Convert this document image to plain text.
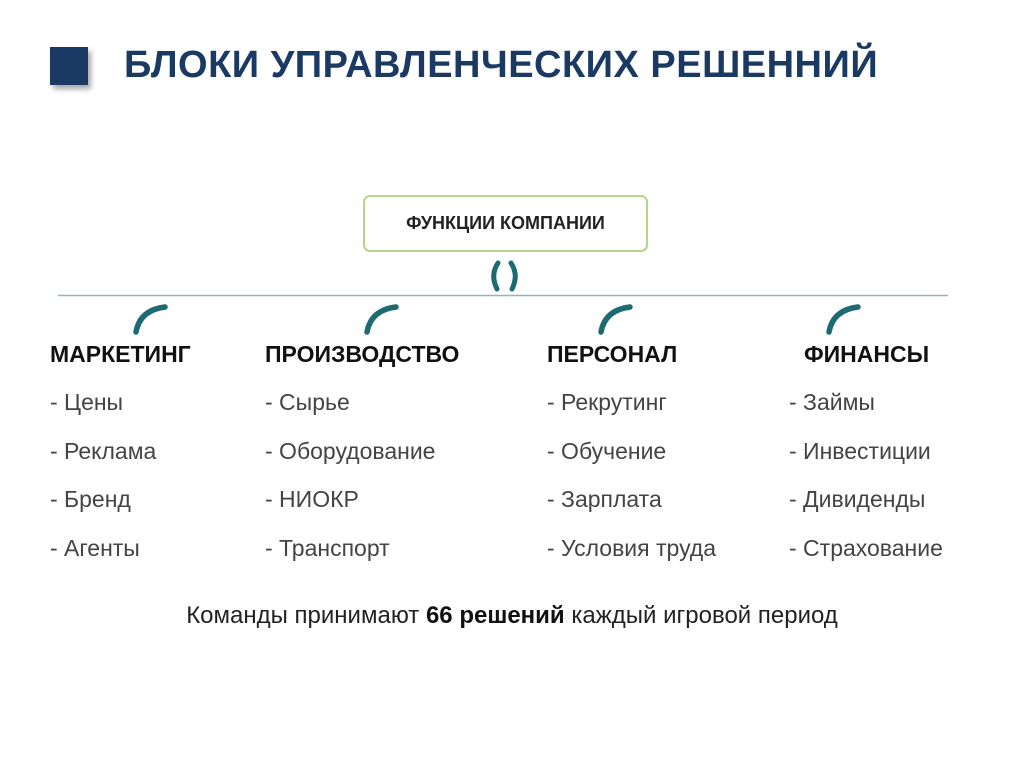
БЛОКИ УПРАВЛЕНЧЕСКИХ РЕШЕННИЙ
ФУНКЦИИ КОМПАНИИ
МАРКЕТИНГ
- Цены
- Реклама
- Бренд
- Агенты
ПРОИЗВОДСТВО
- Сырье
- Оборудование
- НИОКР
- Транспорт
ПЕРСОНАЛ
- Рекрутинг
- Обучение
- Зарплата
- Условия труда
ФИНАНСЫ
- Займы
- Инвестиции
- Дивиденды
- Страхование
Команды принимают 66 решений каждый игровой период
